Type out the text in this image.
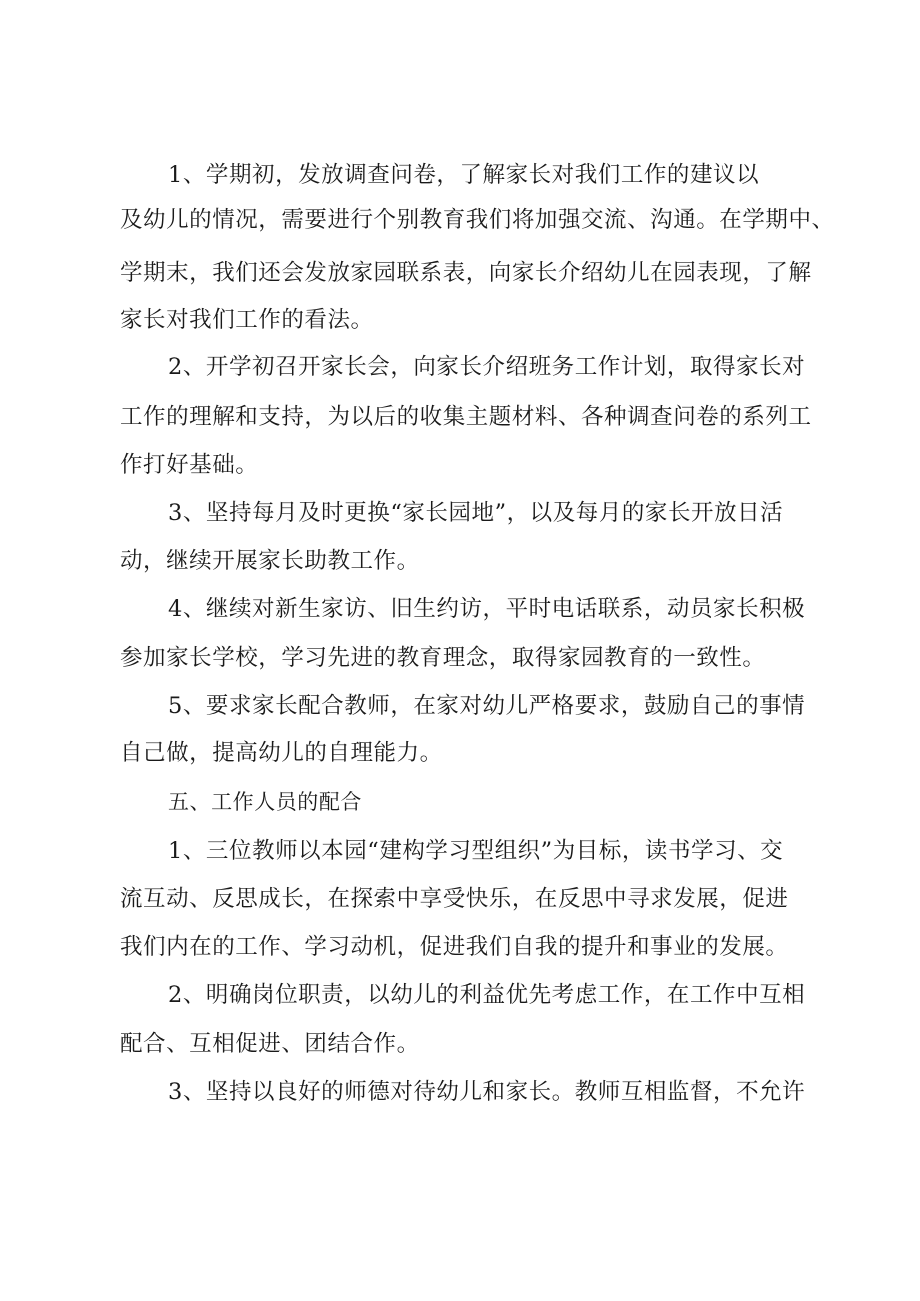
1、学期初，发放调查问卷，了解家长对我们工作的建议以

及幼儿的情况，需要进行个别教育我们将加强交流、沟通。在学期中、

学期末，我们还会发放家园联系表，向家长介绍幼儿在园表现，了解

家长对我们工作的看法。

2、开学初召开家长会，向家长介绍班务工作计划，取得家长对

工作的理解和支持，为以后的收集主题材料、各种调查问卷的系列工

作打好基础。

3、坚持每月及时更换“家长园地”，以及每月的家长开放日活

动，继续开展家长助教工作。

4、继续对新生家访、旧生约访，平时电话联系，动员家长积极

参加家长学校，学习先进的教育理念，取得家园教育的一致性。

5、要求家长配合教师，在家对幼儿严格要求，鼓励自己的事情

自己做，提高幼儿的自理能力。

五、工作人员的配合

1、三位教师以本园“建构学习型组织”为目标，读书学习、交

流互动、反思成长，在探索中享受快乐，在反思中寻求发展，促进

我们内在的工作、学习动机，促进我们自我的提升和事业的发展。

2、明确岗位职责，以幼儿的利益优先考虑工作，在工作中互相

配合、互相促进、团结合作。

3、坚持以良好的师德对待幼儿和家长。教师互相监督，不允许
